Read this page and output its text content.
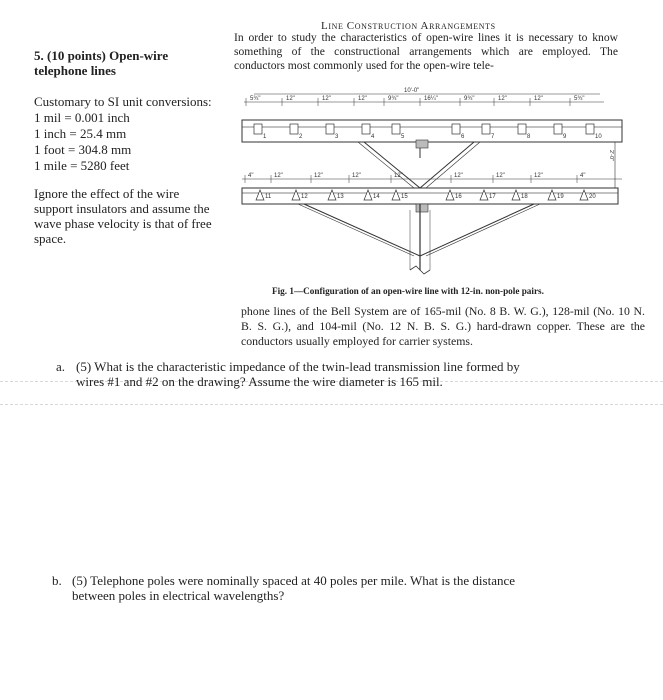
5. (10 points) Open-wire
telephone lines
Customary to SI unit conversions:
1 mil = 0.001 inch
1 inch = 25.4 mm
1 foot = 304.8 mm
1 mile = 5280 feet
Ignore the effect of the wire
support insulators and assume the
wave phase velocity is that of free
space.
Line Construction Arrangements
In order to study the characteristics of open-wire lines it is necessary to know something of the constructional arrangements which are employed. The conductors most commonly used for the open-wire tele-
10'-0"
5¾"	12"	12"	12"	9¾"	16¼"	9¾"	12"	12"	5¾"
1	2	3	4	5	6	7	8	9	10
2'-0"
4"	12"	12"	12"	12"	12"	12"	12"	4"
11	12	13	14	15	16	17	18	19	20
Fig. 1—Configuration of an open-wire line with 12-in. non-pole pairs.
phone lines of the Bell System are of 165-mil (No. 8 B. W. G.), 128-mil (No. 10 N. B. S. G.), and 104-mil (No. 12 N. B. S. G.) hard-drawn copper. These are the conductors usually employed for carrier systems.
a. (5) What is the characteristic impedance of the twin-lead transmission line formed by
wires #1 and #2 on the drawing? Assume the wire diameter is 165 mil.
b. (5) Telephone poles were nominally spaced at 40 poles per mile. What is the distance
between poles in electrical wavelengths?
